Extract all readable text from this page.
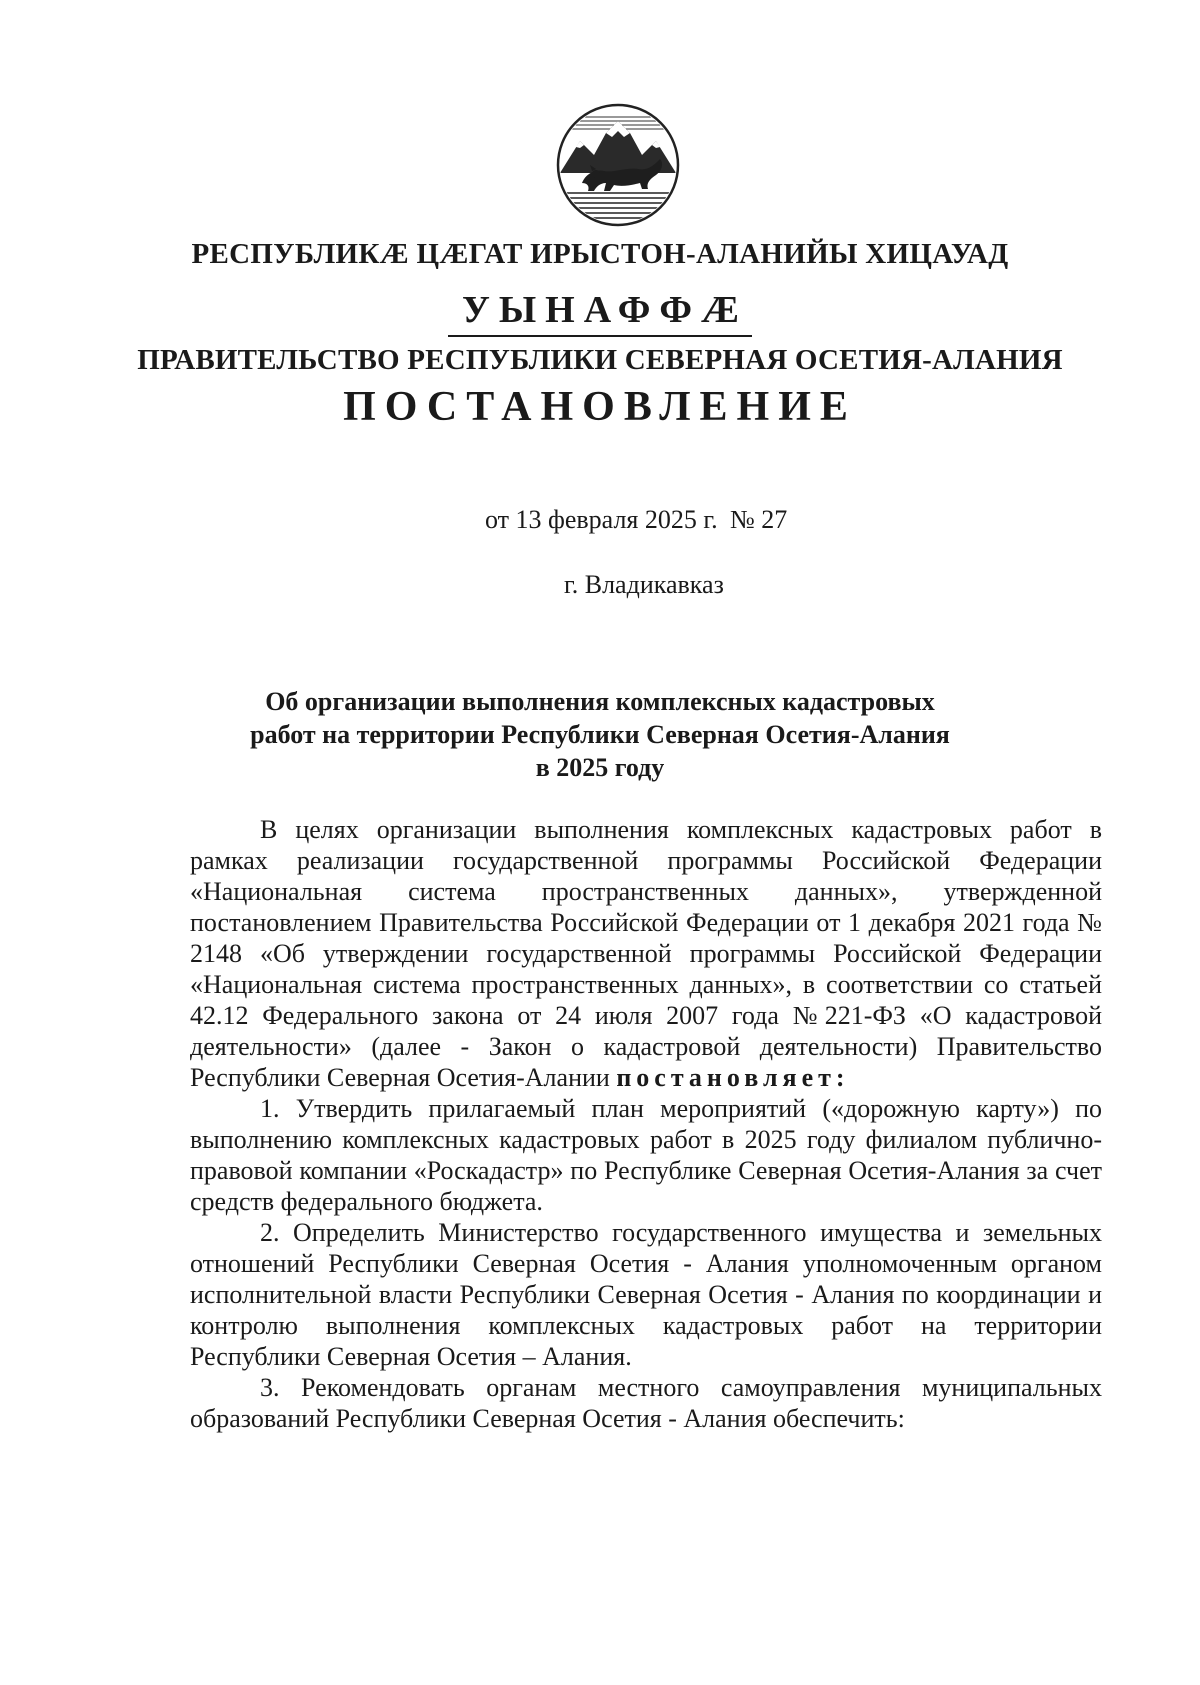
РЕСПУБЛИКÆ ЦÆГАТ ИРЫСТОН-АЛАНИЙЫ ХИЦАУАД
УЫНАФФÆ
ПРАВИТЕЛЬСТВО РЕСПУБЛИКИ СЕВЕРНАЯ ОСЕТИЯ-АЛАНИЯ
ПОСТАНОВЛЕНИЕ
от 13 февраля 2025 г. № 27
г. Владикавказ
Об организации выполнения комплексных кадастровых
работ на территории Республики Северная Осетия-Алания
в 2025 году

В целях организации выполнения комплексных кадастровых работ в рамках реализации государственной программы Российской Федерации «Национальная система пространственных данных», утвержденной постановлением Правительства Российской Федерации от 1 декабря 2021 года № 2148 «Об утверждении государственной программы Российской Федерации «Национальная система пространственных данных», в соответствии со статьей 42.12 Федерального закона от 24 июля 2007 года №221-ФЗ «О кадастровой деятельности» (далее - Закон о кадастровой деятельности) Правительство Республики Северная Осетия-Алании постановляет:

1. Утвердить прилагаемый план мероприятий («дорожную карту») по выполнению комплексных кадастровых работ в 2025 году филиалом публично-правовой компании «Роскадастр» по Республике Северная Осетия-Алания за счет средств федерального бюджета.

2. Определить Министерство государственного имущества и земельных отношений Республики Северная Осетия - Алания уполномоченным органом исполнительной власти Республики Северная Осетия - Алания по координации и контролю выполнения комплексных кадастровых работ на территории Республики Северная Осетия – Алания.

3. Рекомендовать органам местного самоуправления муниципальных образований Республики Северная Осетия - Алания обеспечить:
